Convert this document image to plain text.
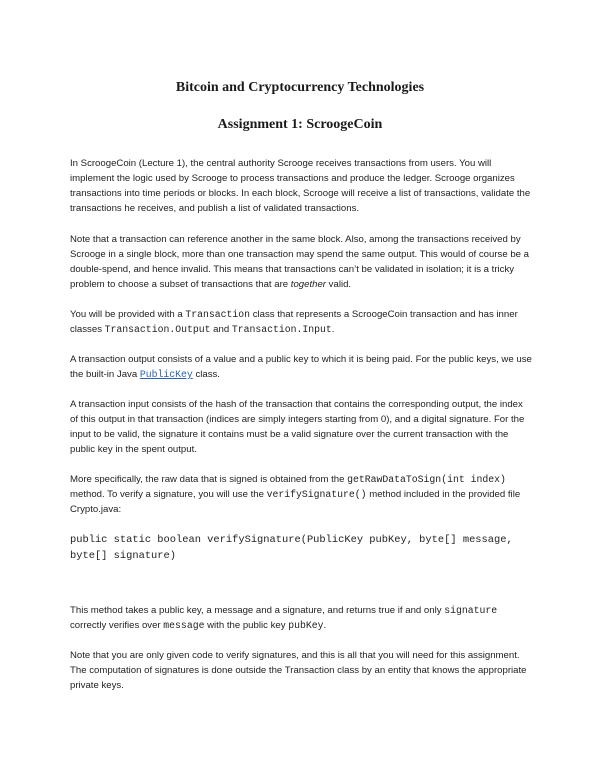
Bitcoin and Cryptocurrency Technologies
Assignment 1: ScroogeCoin

In ScroogeCoin (Lecture 1), the central authority Scrooge receives transactions from users. You will implement the logic used by Scrooge to process transactions and produce the ledger. Scrooge organizes transactions into time periods or blocks. In each block, Scrooge will receive a list of transactions, validate the transactions he receives, and publish a list of validated transactions.

Note that a transaction can reference another in the same block. Also, among the transactions received by Scrooge in a single block, more than one transaction may spend the same output. This would of course be a double-spend, and hence invalid. This means that transactions can’t be validated in isolation; it is a tricky problem to choose a subset of transactions that are together valid.

You will be provided with a Transaction class that represents a ScroogeCoin transaction and has inner classes Transaction.Output and Transaction.Input.

A transaction output consists of a value and a public key to which it is being paid. For the public keys, we use the built-in Java PublicKey class.

A transaction input consists of the hash of the transaction that contains the corresponding output, the index of this output in that transaction (indices are simply integers starting from 0), and a digital signature. For the input to be valid, the signature it contains must be a valid signature over the current transaction with the public key in the spent output.

More specifically, the raw data that is signed is obtained from the getRawDataToSign(int index) method. To verify a signature, you will use the verifySignature() method included in the provided file Crypto.java:

public static boolean verifySignature(PublicKey pubKey, byte[] message,
byte[] signature)

This method takes a public key, a message and a signature, and returns true if and only signature correctly verifies over message with the public key pubKey.

Note that you are only given code to verify signatures, and this is all that you will need for this assignment. The computation of signatures is done outside the Transaction class by an entity that knows the appropriate private keys.
